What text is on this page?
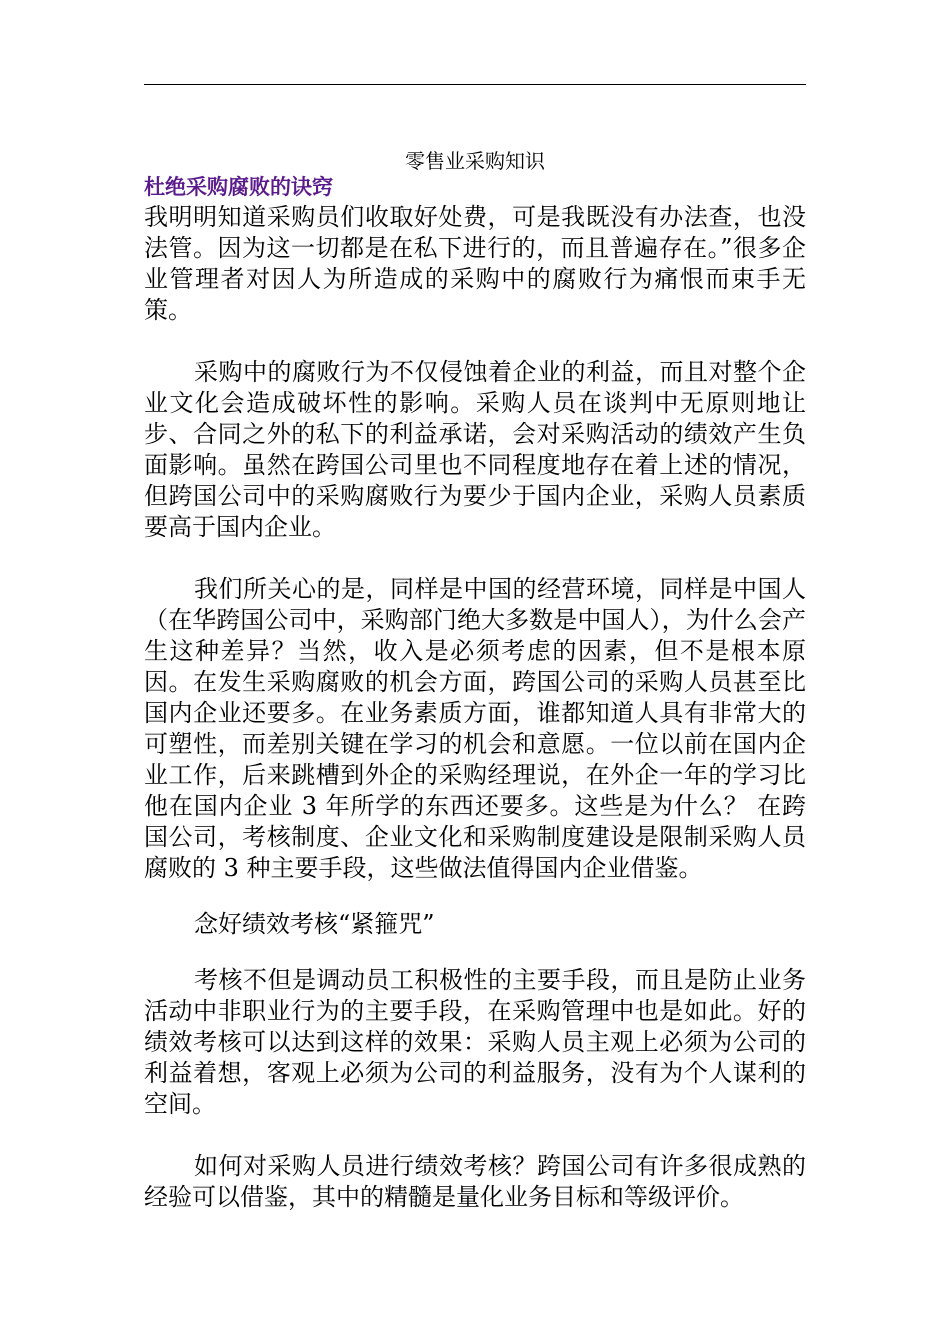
零售业采购知识
杜绝采购腐败的诀窍

我明明知道采购员们收取好处费，可是我既没有办法查，也没法管。因为这一切都是在私下进行的，而且普遍存在。”很多企业管理者对因人为所造成的采购中的腐败行为痛恨而束手无策。

采购中的腐败行为不仅侵蚀着企业的利益，而且对整个企业文化会造成破坏性的影响。采购人员在谈判中无原则地让步、合同之外的私下的利益承诺，会对采购活动的绩效产生负面影响。虽然在跨国公司里也不同程度地存在着上述的情况，但跨国公司中的采购腐败行为要少于国内企业，采购人员素质要高于国内企业。

我们所关心的是，同样是中国的经营环境，同样是中国人（在华跨国公司中，采购部门绝大多数是中国人），为什么会产生这种差异？当然，收入是必须考虑的因素，但不是根本原因。在发生采购腐败的机会方面，跨国公司的采购人员甚至比国内企业还要多。在业务素质方面，谁都知道人具有非常大的可塑性，而差别关键在学习的机会和意愿。一位以前在国内企业工作，后来跳槽到外企的采购经理说，在外企一年的学习比他在国内企业 3 年所学的东西还要多。这些是为什么？ 在跨国公司，考核制度、企业文化和采购制度建设是限制采购人员腐败的 3 种主要手段，这些做法值得国内企业借鉴。

念好绩效考核“紧箍咒”

考核不但是调动员工积极性的主要手段，而且是防止业务活动中非职业行为的主要手段，在采购管理中也是如此。好的绩效考核可以达到这样的效果：采购人员主观上必须为公司的利益着想，客观上必须为公司的利益服务，没有为个人谋利的空间。

如何对采购人员进行绩效考核？跨国公司有许多很成熟的经验可以借鉴，其中的精髓是量化业务目标和等级评价。
